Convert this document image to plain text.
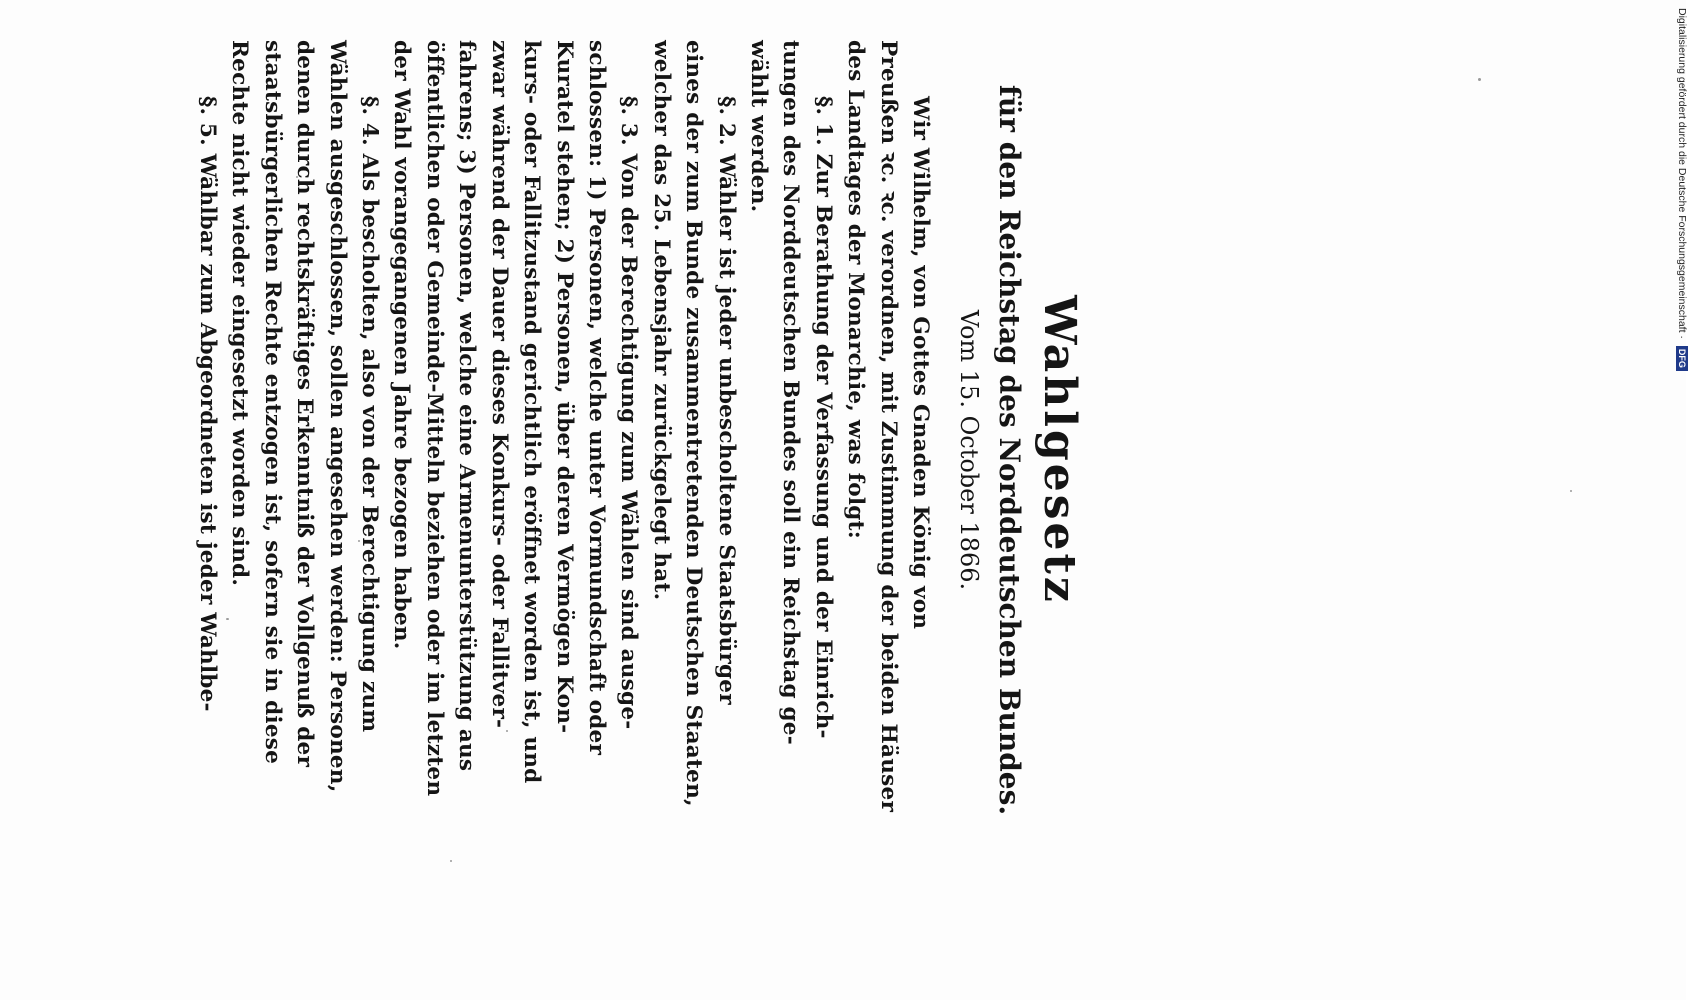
Wahlgesetz
für den Reichstag des Norddeutschen Bundes.
Vom 15. October 1866.
Wir Wilhelm, von Gottes Gnaden König von
Preußen ꝛc. ꝛc. verordnen, mit Zustimmung der beiden Häuser
des Landtages der Monarchie, was folgt:
§. 1. Zur Berathung der Verfassung und der Einrich-
tungen des Norddeutschen Bundes soll ein Reichstag ge-
wählt werden.
§. 2. Wähler ist jeder unbescholtene Staatsbürger
eines der zum Bunde zusammentretenden Deutschen Staaten,
welcher das 25. Lebensjahr zurückgelegt hat.
§. 3. Von der Berechtigung zum Wählen sind ausge-
schlossen: 1) Personen, welche unter Vormundschaft oder
Kuratel stehen; 2) Personen, über deren Vermögen Kon-
kurs- oder Fallitzustand gerichtlich eröffnet worden ist, und
zwar während der Dauer dieses Konkurs- oder Fallitver-
fahrens; 3) Personen, welche eine Armenunterstützung aus
öffentlichen oder Gemeinde-Mitteln beziehen oder im letzten
der Wahl vorangegangenen Jahre bezogen haben.
§. 4. Als bescholten, also von der Berechtigung zum
Wählen ausgeschlossen, sollen angesehen werden: Personen,
denen durch rechtskräftiges Erkenntniß der Vollgenuß der
staatsbürgerlichen Rechte entzogen ist, sofern sie in diese
Rechte nicht wieder eingesetzt worden sind.
§. 5. Wählbar zum Abgeordneten ist jeder Wahlbe-	Digitalisierung gefördert durch die Deutsche Forschungsgemeinschaft · DFG
